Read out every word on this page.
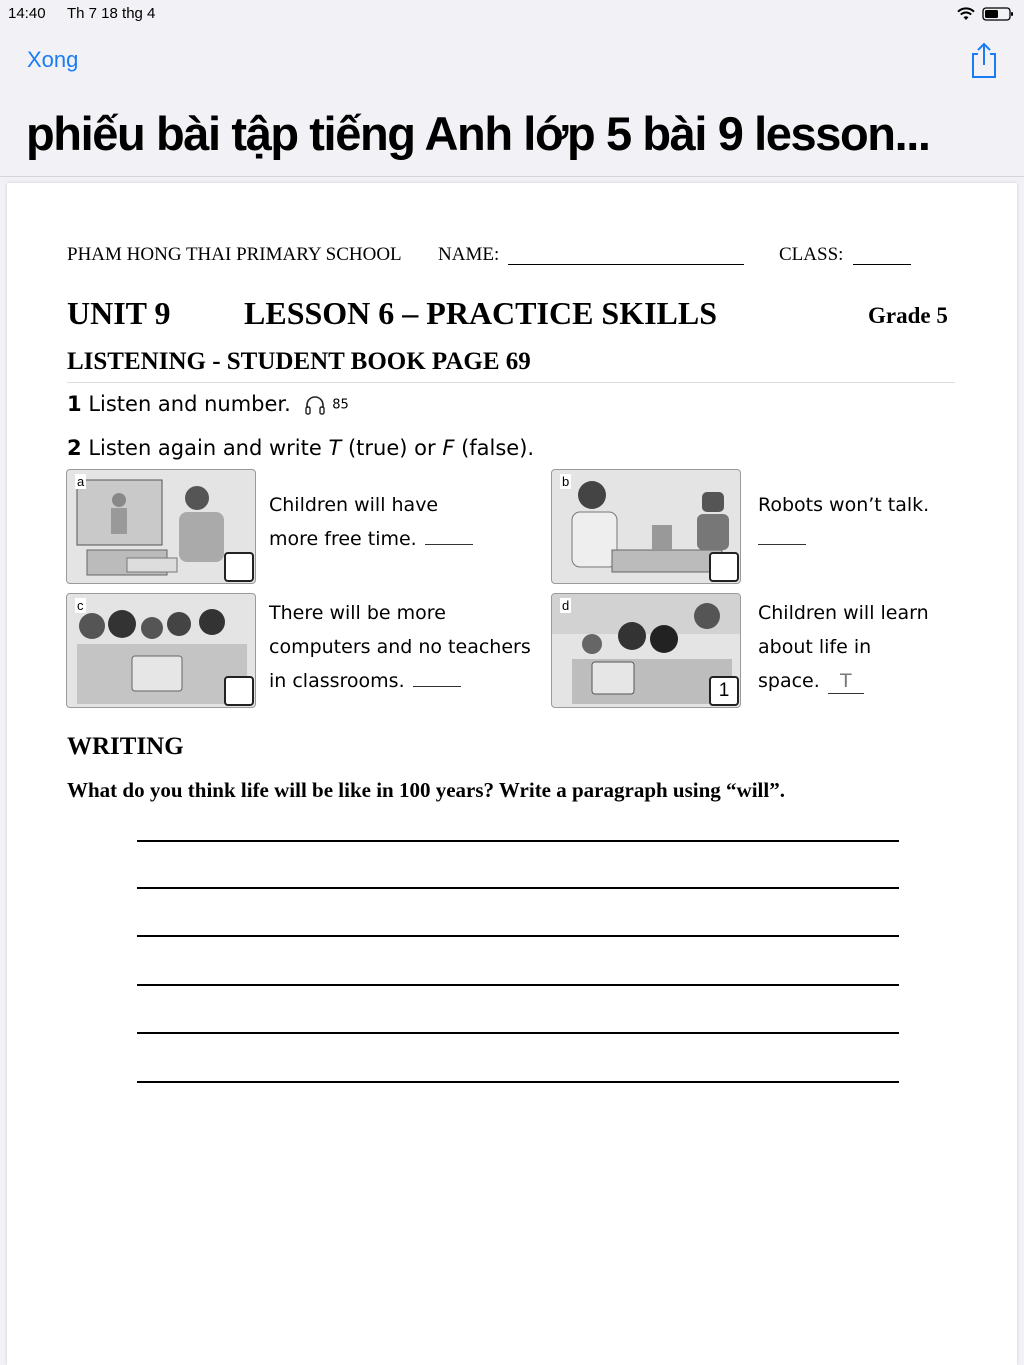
14:40 Th 7 18 thg 4
Xong
phiếu bài tập tiếng Anh lớp 5 bài 9 lesson...
PHAM HONG THAI PRIMARY SCHOOL NAME:	CLASS:
UNIT 9 LESSON 6 – PRACTICE SKILLS	Grade 5
LISTENING - STUDENT BOOK PAGE 69
1 Listen and number.	85
2 Listen again and write T (true) or F (false).
a
Children will have
more free time.
b
Robots won’t talk.
c	There will be more
computers and no teachers
in classrooms.
d
1
Children will learn
about life in
space. T
WRITING
What do you think life will be like in 100 years? Write a paragraph using “will”.
